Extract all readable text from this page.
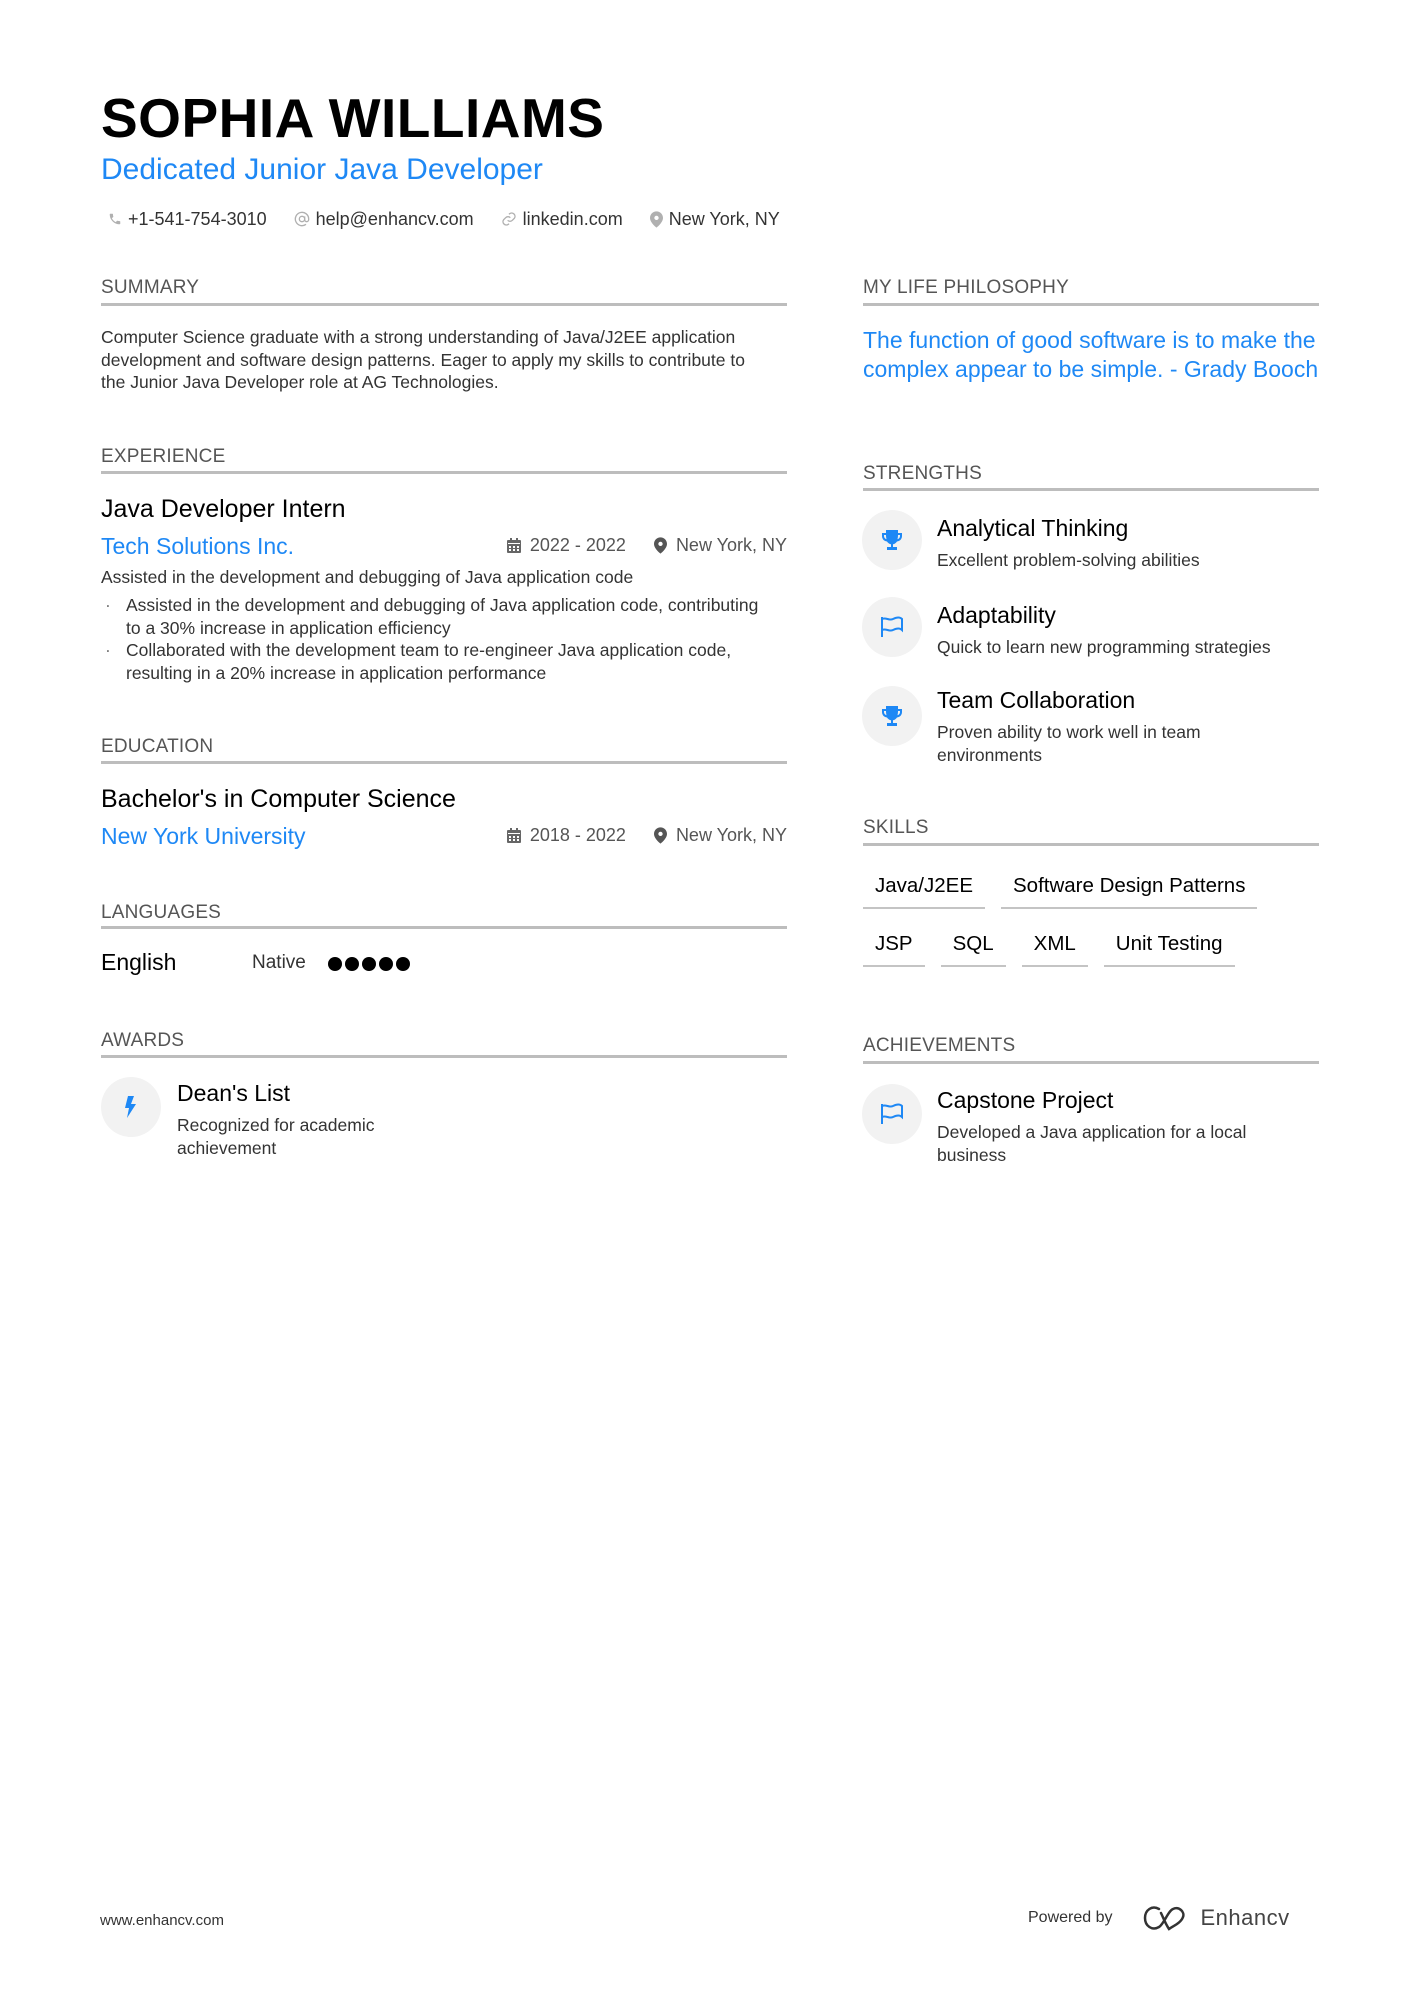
SOPHIA WILLIAMS
Dedicated Junior Java Developer
+1-541-754-3010	help@enhancv.com	linkedin.com	New York, NY
SUMMARY
Computer Science graduate with a strong understanding of Java/J2EE application development and software design patterns. Eager to apply my skills to contribute to the Junior Java Developer role at AG Technologies.
EXPERIENCE
Java Developer Intern
Tech Solutions Inc.	2022 - 2022	New York, NY
Assisted in the development and debugging of Java application code
· Assisted in the development and debugging of Java application code, contributing to a 30% increase in application efficiency
· Collaborated with the development team to re-engineer Java application code, resulting in a 20% increase in application performance
EDUCATION
Bachelor's in Computer Science
New York University	2018 - 2022	New York, NY
LANGUAGES
English	Native
AWARDS
Dean's List
Recognized for academic achievement
MY LIFE PHILOSOPHY
The function of good software is to make the complex appear to be simple. - Grady Booch
STRENGTHS
Analytical Thinking
Excellent problem-solving abilities
Adaptability
Quick to learn new programming strategies
Team Collaboration
Proven ability to work well in team environments
SKILLS
Java/J2EE	Software Design Patterns
JSP	SQL	XML	Unit Testing
ACHIEVEMENTS
Capstone Project
Developed a Java application for a local business
www.enhancv.com	Powered by	Enhancv
